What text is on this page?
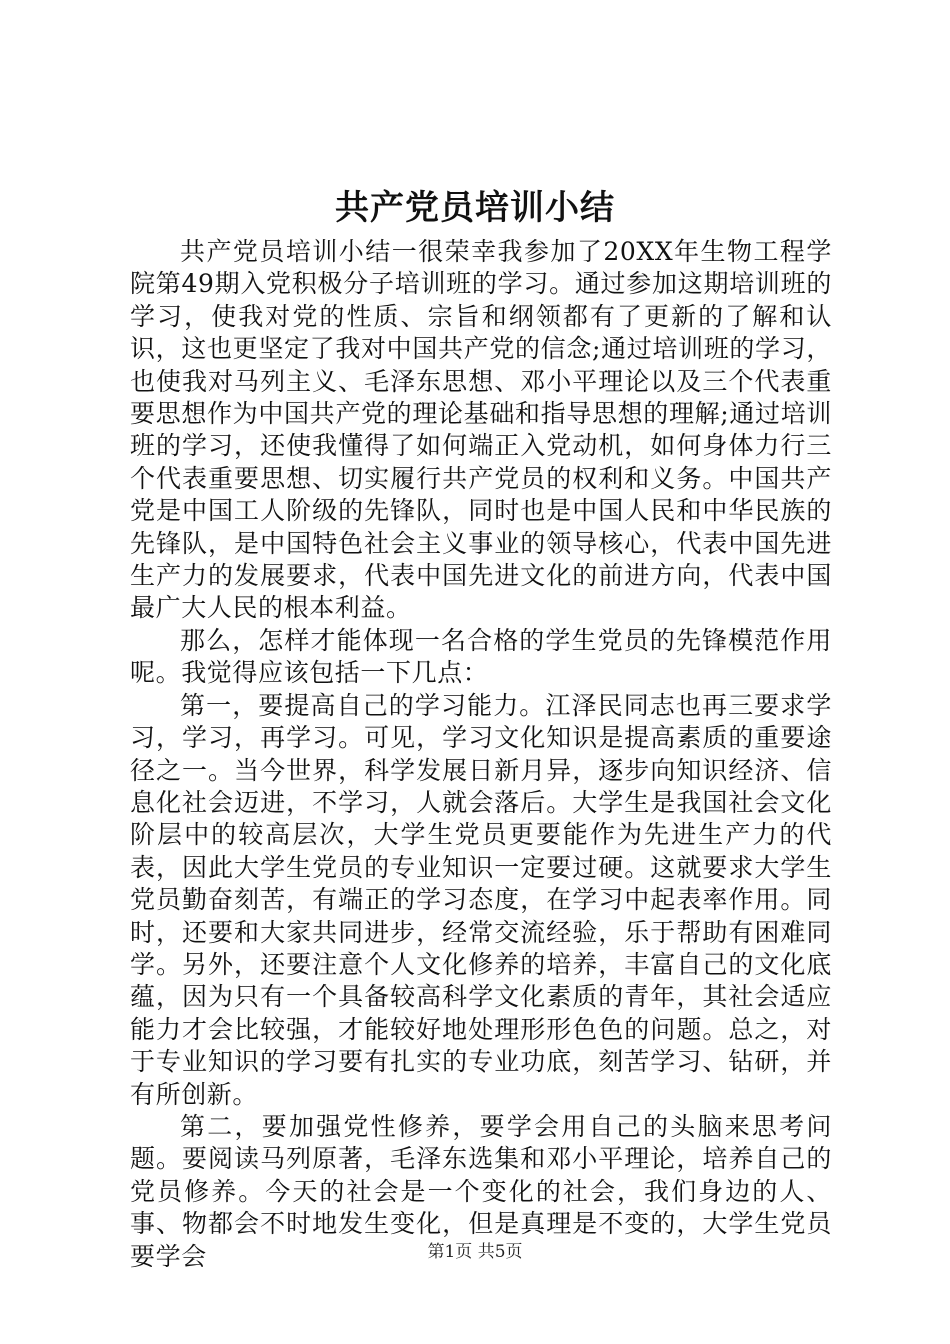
共产党员培训小结

共产党员培训小结一很荣幸我参加了20XX年生物工程学院第49期入党积极分子培训班的学习。通过参加这期培训班的学习，使我对党的性质、宗旨和纲领都有了更新的了解和认识，这也更坚定了我对中国共产党的信念;通过培训班的学习，也使我对马列主义、毛泽东思想、邓小平理论以及三个代表重要思想作为中国共产党的理论基础和指导思想的理解;通过培训班的学习，还使我懂得了如何端正入党动机，如何身体力行三个代表重要思想、切实履行共产党员的权利和义务。中国共产党是中国工人阶级的先锋队，同时也是中国人民和中华民族的先锋队，是中国特色社会主义事业的领导核心，代表中国先进生产力的发展要求，代表中国先进文化的前进方向，代表中国最广大人民的根本利益。

那么，怎样才能体现一名合格的学生党员的先锋模范作用呢。我觉得应该包括一下几点：

第一，要提高自己的学习能力。江泽民同志也再三要求学习，学习，再学习。可见，学习文化知识是提高素质的重要途径之一。当今世界，科学发展日新月异，逐步向知识经济、信息化社会迈进，不学习，人就会落后。大学生是我国社会文化阶层中的较高层次，大学生党员更要能作为先进生产力的代表，因此大学生党员的专业知识一定要过硬。这就要求大学生党员勤奋刻苦，有端正的学习态度，在学习中起表率作用。同时，还要和大家共同进步，经常交流经验，乐于帮助有困难同学。另外，还要注意个人文化修养的培养，丰富自己的文化底蕴，因为只有一个具备较高科学文化素质的青年，其社会适应能力才会比较强，才能较好地处理形形色色的问题。总之，对于专业知识的学习要有扎实的专业功底，刻苦学习、钻研，并有所创新。

第二，要加强党性修养，要学会用自己的头脑来思考问题。要阅读马列原著，毛泽东选集和邓小平理论，培养自己的党员修养。今天的社会是一个变化的社会，我们身边的人、事、物都会不时地发生变化，但是真理是不变的，大学生党员要学会	第1页 共5页
